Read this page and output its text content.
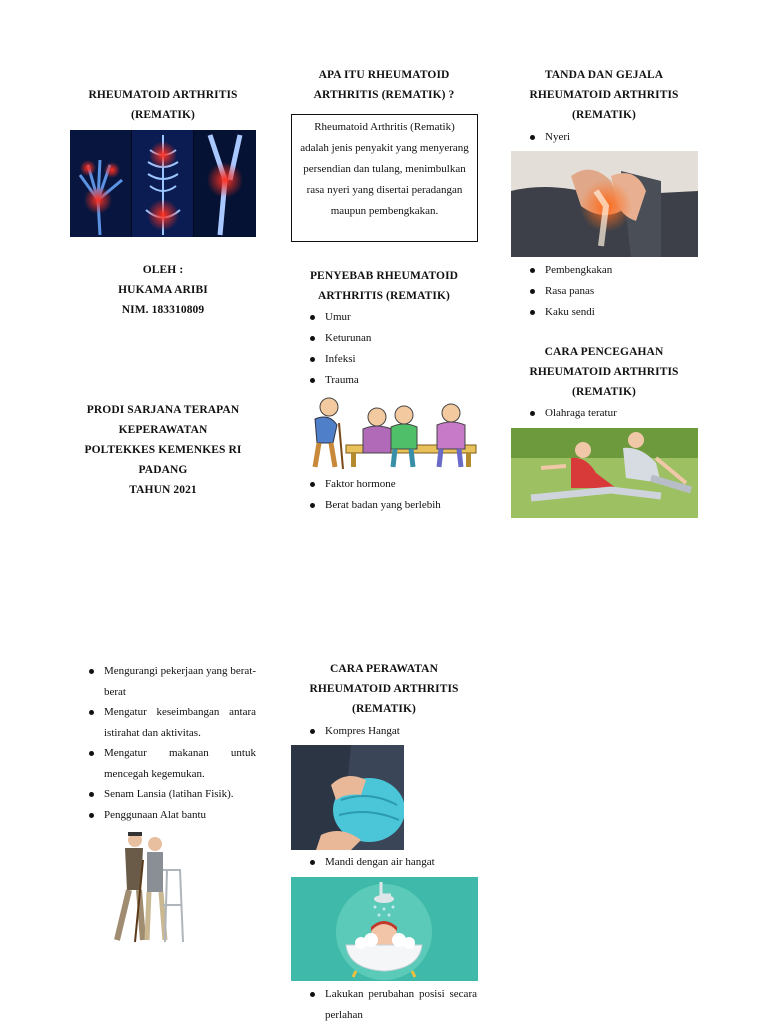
RHEUMATOID ARTHRITIS
(REMATIK)
OLEH :
HUKAMA ARIBI
NIM. 183310809
PRODI SARJANA TERAPAN
KEPERAWATAN
POLTEKKES KEMENKES RI
PADANG
TAHUN 2021
APA ITU RHEUMATOID
ARTHRITIS (REMATIK) ?
Rheumatoid Arthritis (Rematik) adalah jenis penyakit yang menyerang persendian dan tulang, menimbulkan rasa nyeri yang disertai peradangan maupun pembengkakan.
PENYEBAB RHEUMATOID
ARTHRITIS (REMATIK)
Umur
Keturunan
Infeksi
Trauma
Faktor hormone
Berat badan yang berlebih
TANDA DAN GEJALA
RHEUMATOID ARTHRITIS
(REMATIK)
Nyeri
Pembengkakan
Rasa panas
Kaku sendi
CARA PENCEGAHAN
RHEUMATOID ARTHRITIS
(REMATIK)
Olahraga teratur
Mengurangi pekerjaan yang berat-berat
Mengatur keseimbangan antara istirahat dan aktivitas.
Mengatur makanan untuk mencegah kegemukan.
Senam Lansia (latihan Fisik).
Penggunaan Alat bantu
CARA PERAWATAN
RHEUMATOID ARTHRITIS
(REMATIK)
Kompres Hangat
Mandi dengan air hangat
Lakukan perubahan posisi secara perlahan
